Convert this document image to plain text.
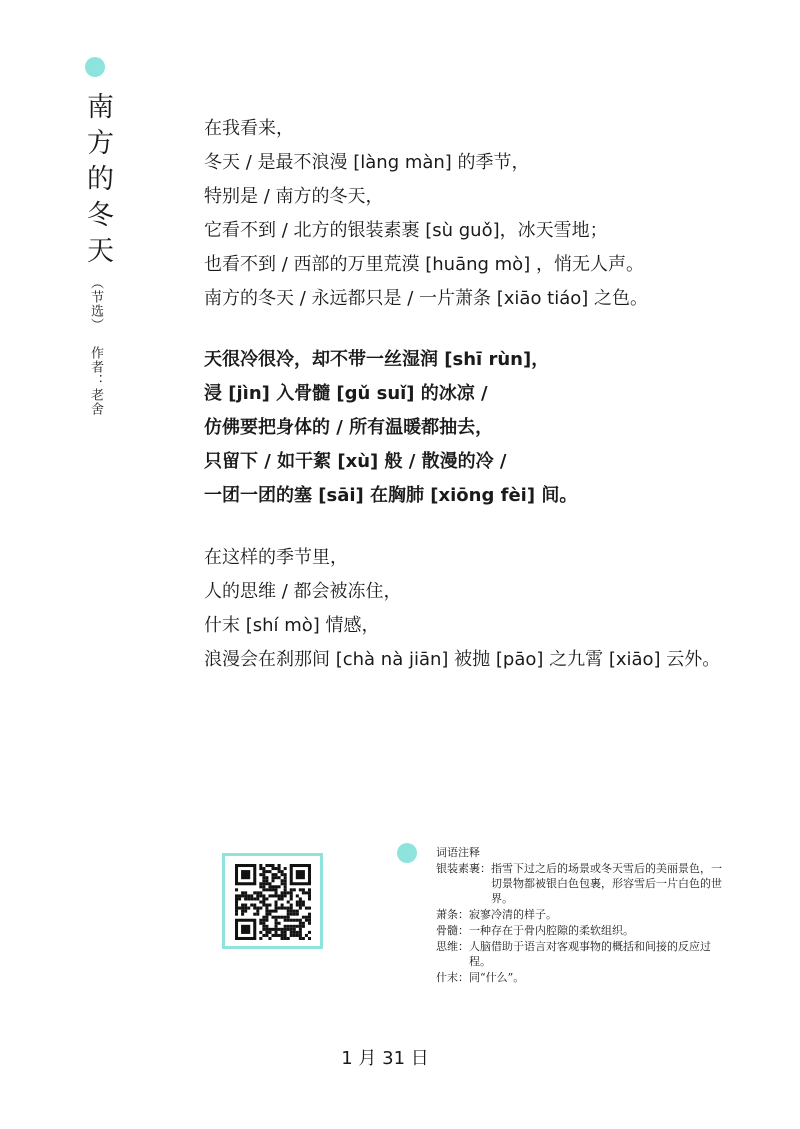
南方的冬天
（节选）
作者：老舍
在我看来，
冬天 / 是最不浪漫 [làng màn] 的季节，
特别是 / 南方的冬天，
它看不到 / 北方的银装素裹 [sù guǒ]，冰天雪地；
也看不到 / 西部的万里荒漠 [huāng mò] ，悄无人声。
南方的冬天 / 永远都只是 / 一片萧条 [xiāo tiáo] 之色。
天很冷很冷，却不带一丝湿润 [shī rùn]，
浸 [jìn] 入骨髓 [gǔ suǐ] 的冰凉 /
仿佛要把身体的 / 所有温暖都抽去，
只留下 / 如干絮 [xù] 般 / 散漫的冷 /
一团一团的塞 [sāi] 在胸肺 [xiōng fèi] 间。
在这样的季节里，
人的思维 / 都会被冻住，
什末 [shí mò] 情感，
浪漫会在刹那间 [chà nà jiān] 被抛 [pāo] 之九霄 [xiāo] 云外。
词语注释
银装素裹： 指雪下过之后的场景或冬天雪后的美丽景色，一切景物都被银白色包裹，形容雪后一片白色的世界。
萧条： 寂寥冷清的样子。
骨髓： 一种存在于骨内腔隙的柔软组织。
思维： 人脑借助于语言对客观事物的概括和间接的反应过程。
什末： 同“什么”。
1 月 31 日
